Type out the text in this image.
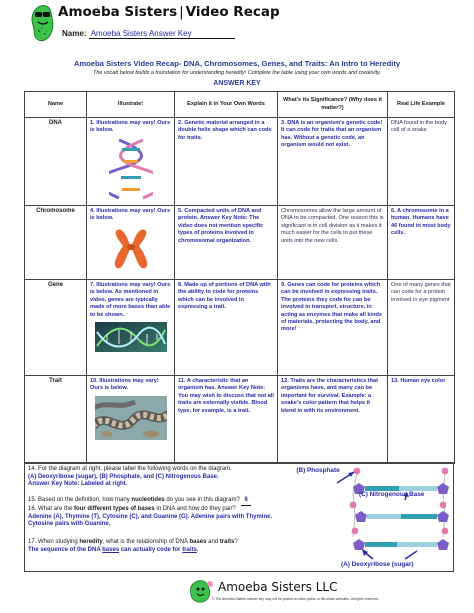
Amoeba Sisters | Video Recap
Name: Amoeba Sisters Answer Key
Amoeba Sisters Video Recap- DNA, Chromosomes, Genes, and Traits: An Intro to Heredity
The vocab below builds a foundation for understanding heredity! Complete the table using your own words and creativity.
ANSWER KEY
Name	Illustrate!	Explain it in Your Own Words	What's its Significance? (Why does it matter?)	Real Life Example
DNA	1. Illustrations may vary! Ours is below.	2. Genetic material arranged in a double helix shape which can code for traits.	3. DNA is an organism's genetic code! It can code for traits that an organism has. Without a genetic code, an organism would not exist.	DNA found in the body cell of a snake

Chromosome	4. Illustrations may vary! Ours is below.	5. Compacted units of DNA and protein. Answer Key Note: The video does not mention specific types of proteins involved in chromosomal organization.	Chromosomes allow the large amount of DNA to be compacted. One reason this is significant is in cell division as it makes it much easier for the cells to put these units into the new cells.	6. A chromosome in a human. Humans have 46 found in most body cells.

Gene	7. Illustrations may vary! Ours is below. As mentioned in video, genes are typically made of more bases than able to be shown.	8. Made up of portions of DNA with the ability to code for proteins which can be involved in expressing a trait.	9. Genes can code for proteins which can be involved in expressing traits. The proteins they code for can be involved in transport, structure, in acting as enzymes that make all kinds of materials, protecting the body, and more!	One of many genes that can code for a protein involved in eye pigment

Trait	10. Illustrations may vary! Ours is below.	11. A characteristic that an organism has. Answer Key Note: You may wish to discuss that not all traits are externally visible. Blood type, for example, is a trait.	12. Traits are the characteristics that organisms have, and many can be important for survival. Example: a snake's color pattern that helps it blend in with its environment.	13. Human eye color
14. For the diagram at right, please label the following words on the diagram.
(A) Deoxyribose (sugar), (B) Phosphate, and (C) Nitrogenous Base.
Answer Key Note: Labeled at right.
15. Based on the definition, how many nucleotides do you see in this diagram? 6
16. What are the four different types of bases in DNA and how do they pair?
Adenine (A), Thymine (T), Cytosine (C), and Guanine (G). Adenine pairs with Thymine. Cytosine pairs with Guanine.
17. When studying heredity, what is the relationship of DNA bases and traits?
The sequence of the DNA bases can actually code for traits.
(B) Phosphate
(C) Nitrogenous Base
(A) Deoxyribose (sugar)
Amoeba Sisters LLC
© The Amoeba Sisters answer key may not be posted on other public or file-share websites. All rights reserved.
